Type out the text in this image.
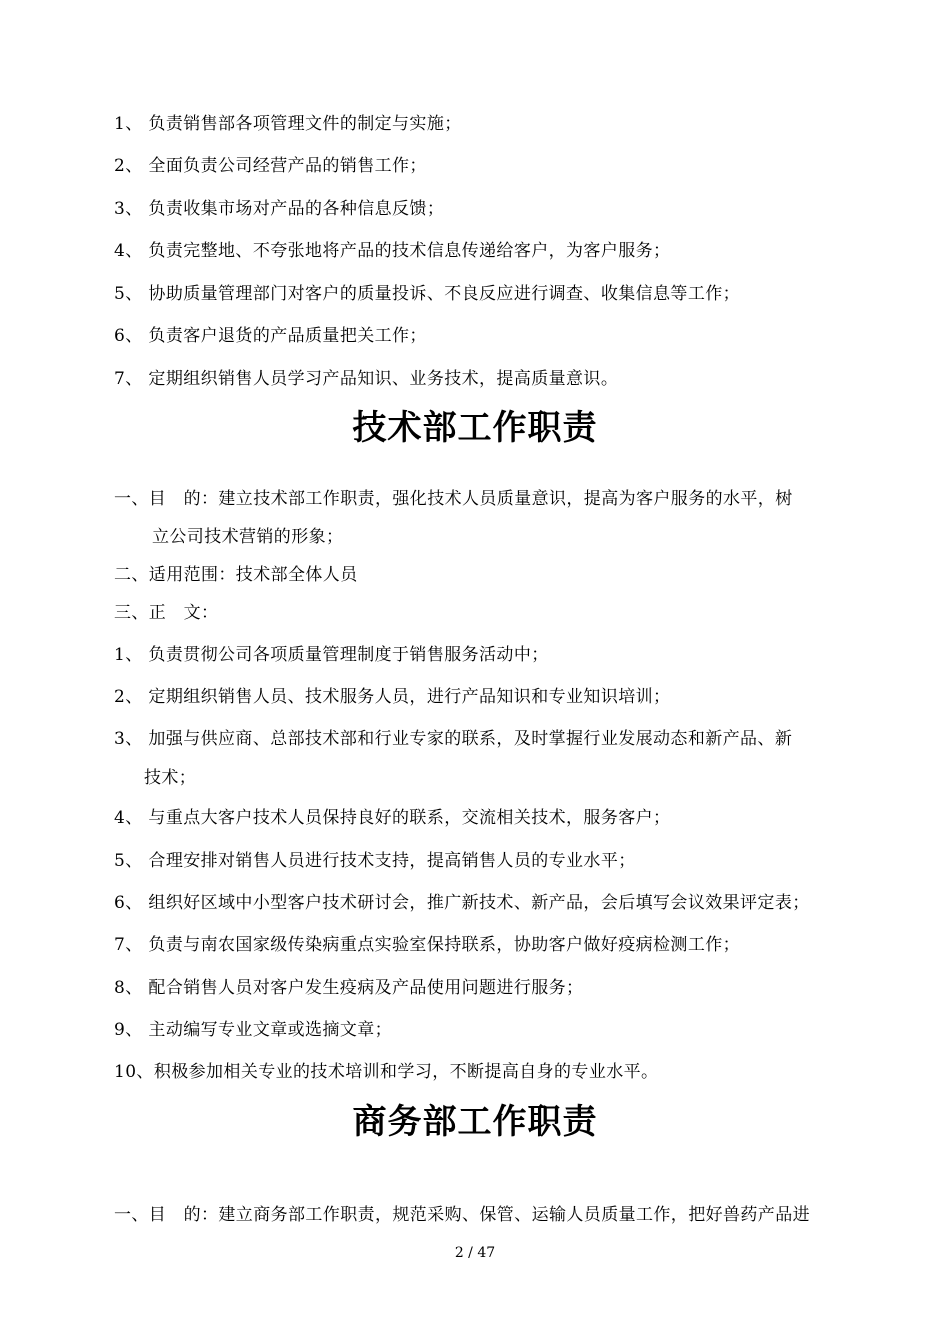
1、 负责销售部各项管理文件的制定与实施；
2、 全面负责公司经营产品的销售工作；
3、 负责收集市场对产品的各种信息反馈；
4、 负责完整地、不夸张地将产品的技术信息传递给客户，为客户服务；
5、 协助质量管理部门对客户的质量投诉、不良反应进行调查、收集信息等工作；
6、 负责客户退货的产品质量把关工作；
7、 定期组织销售人员学习产品知识、业务技术，提高质量意识。
技术部工作职责
一、目　的：建立技术部工作职责，强化技术人员质量意识，提高为客户服务的水平，树
立公司技术营销的形象；
二、适用范围：技术部全体人员
三、正　文：
1、 负责贯彻公司各项质量管理制度于销售服务活动中；
2、 定期组织销售人员、技术服务人员，进行产品知识和专业知识培训；
3、 加强与供应商、总部技术部和行业专家的联系，及时掌握行业发展动态和新产品、新
技术；
4、 与重点大客户技术人员保持良好的联系，交流相关技术，服务客户；
5、 合理安排对销售人员进行技术支持，提高销售人员的专业水平；
6、 组织好区域中小型客户技术研讨会，推广新技术、新产品，会后填写会议效果评定表；
7、 负责与南农国家级传染病重点实验室保持联系，协助客户做好疫病检测工作；
8、 配合销售人员对客户发生疫病及产品使用问题进行服务；
9、 主动编写专业文章或选摘文章；
10、积极参加相关专业的技术培训和学习，不断提高自身的专业水平。
商务部工作职责
一、目　的：建立商务部工作职责，规范采购、保管、运输人员质量工作，把好兽药产品进
2 / 47
